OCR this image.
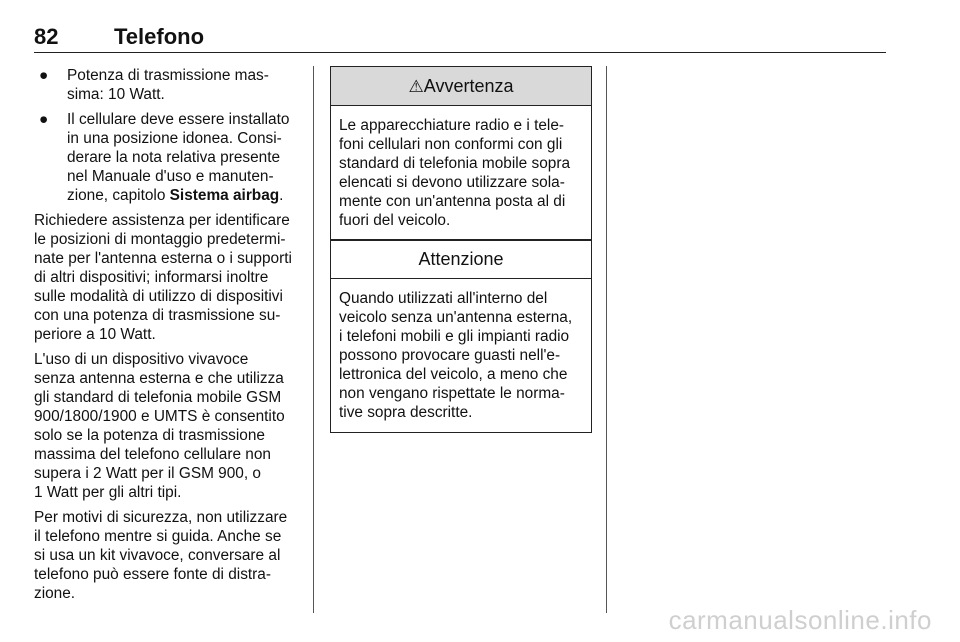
82	Telefono
● Potenza di trasmissione mas-
sima: 10 Watt.
● Il cellulare deve essere installato
in una posizione idonea. Consi-
derare la nota relativa presente
nel Manuale d'uso e manuten-
zione, capitolo Sistema airbag.

Richiedere assistenza per identificare
le posizioni di montaggio predetermi-
nate per l'antenna esterna o i supporti
di altri dispositivi; informarsi inoltre
sulle modalità di utilizzo di dispositivi
con una potenza di trasmissione su-
periore a 10 Watt.

L'uso di un dispositivo vivavoce
senza antenna esterna e che utilizza
gli standard di telefonia mobile GSM
900/1800/1900 e UMTS è consentito
solo se la potenza di trasmissione
massima del telefono cellulare non
supera i 2 Watt per il GSM 900, o
1 Watt per gli altri tipi.

Per motivi di sicurezza, non utilizzare
il telefono mentre si guida. Anche se
si usa un kit vivavoce, conversare al
telefono può essere fonte di distra-
zione.

⚠Avvertenza
Le apparecchiature radio e i tele-
foni cellulari non conformi con gli
standard di telefonia mobile sopra
elencati si devono utilizzare sola-
mente con un'antenna posta al di
fuori del veicolo.
Attenzione
Quando utilizzati all'interno del
veicolo senza un'antenna esterna,
i telefoni mobili e gli impianti radio
possono provocare guasti nell'e-
lettronica del veicolo, a meno che
non vengano rispettate le norma-
tive sopra descritte.
carmanualsonline.info
